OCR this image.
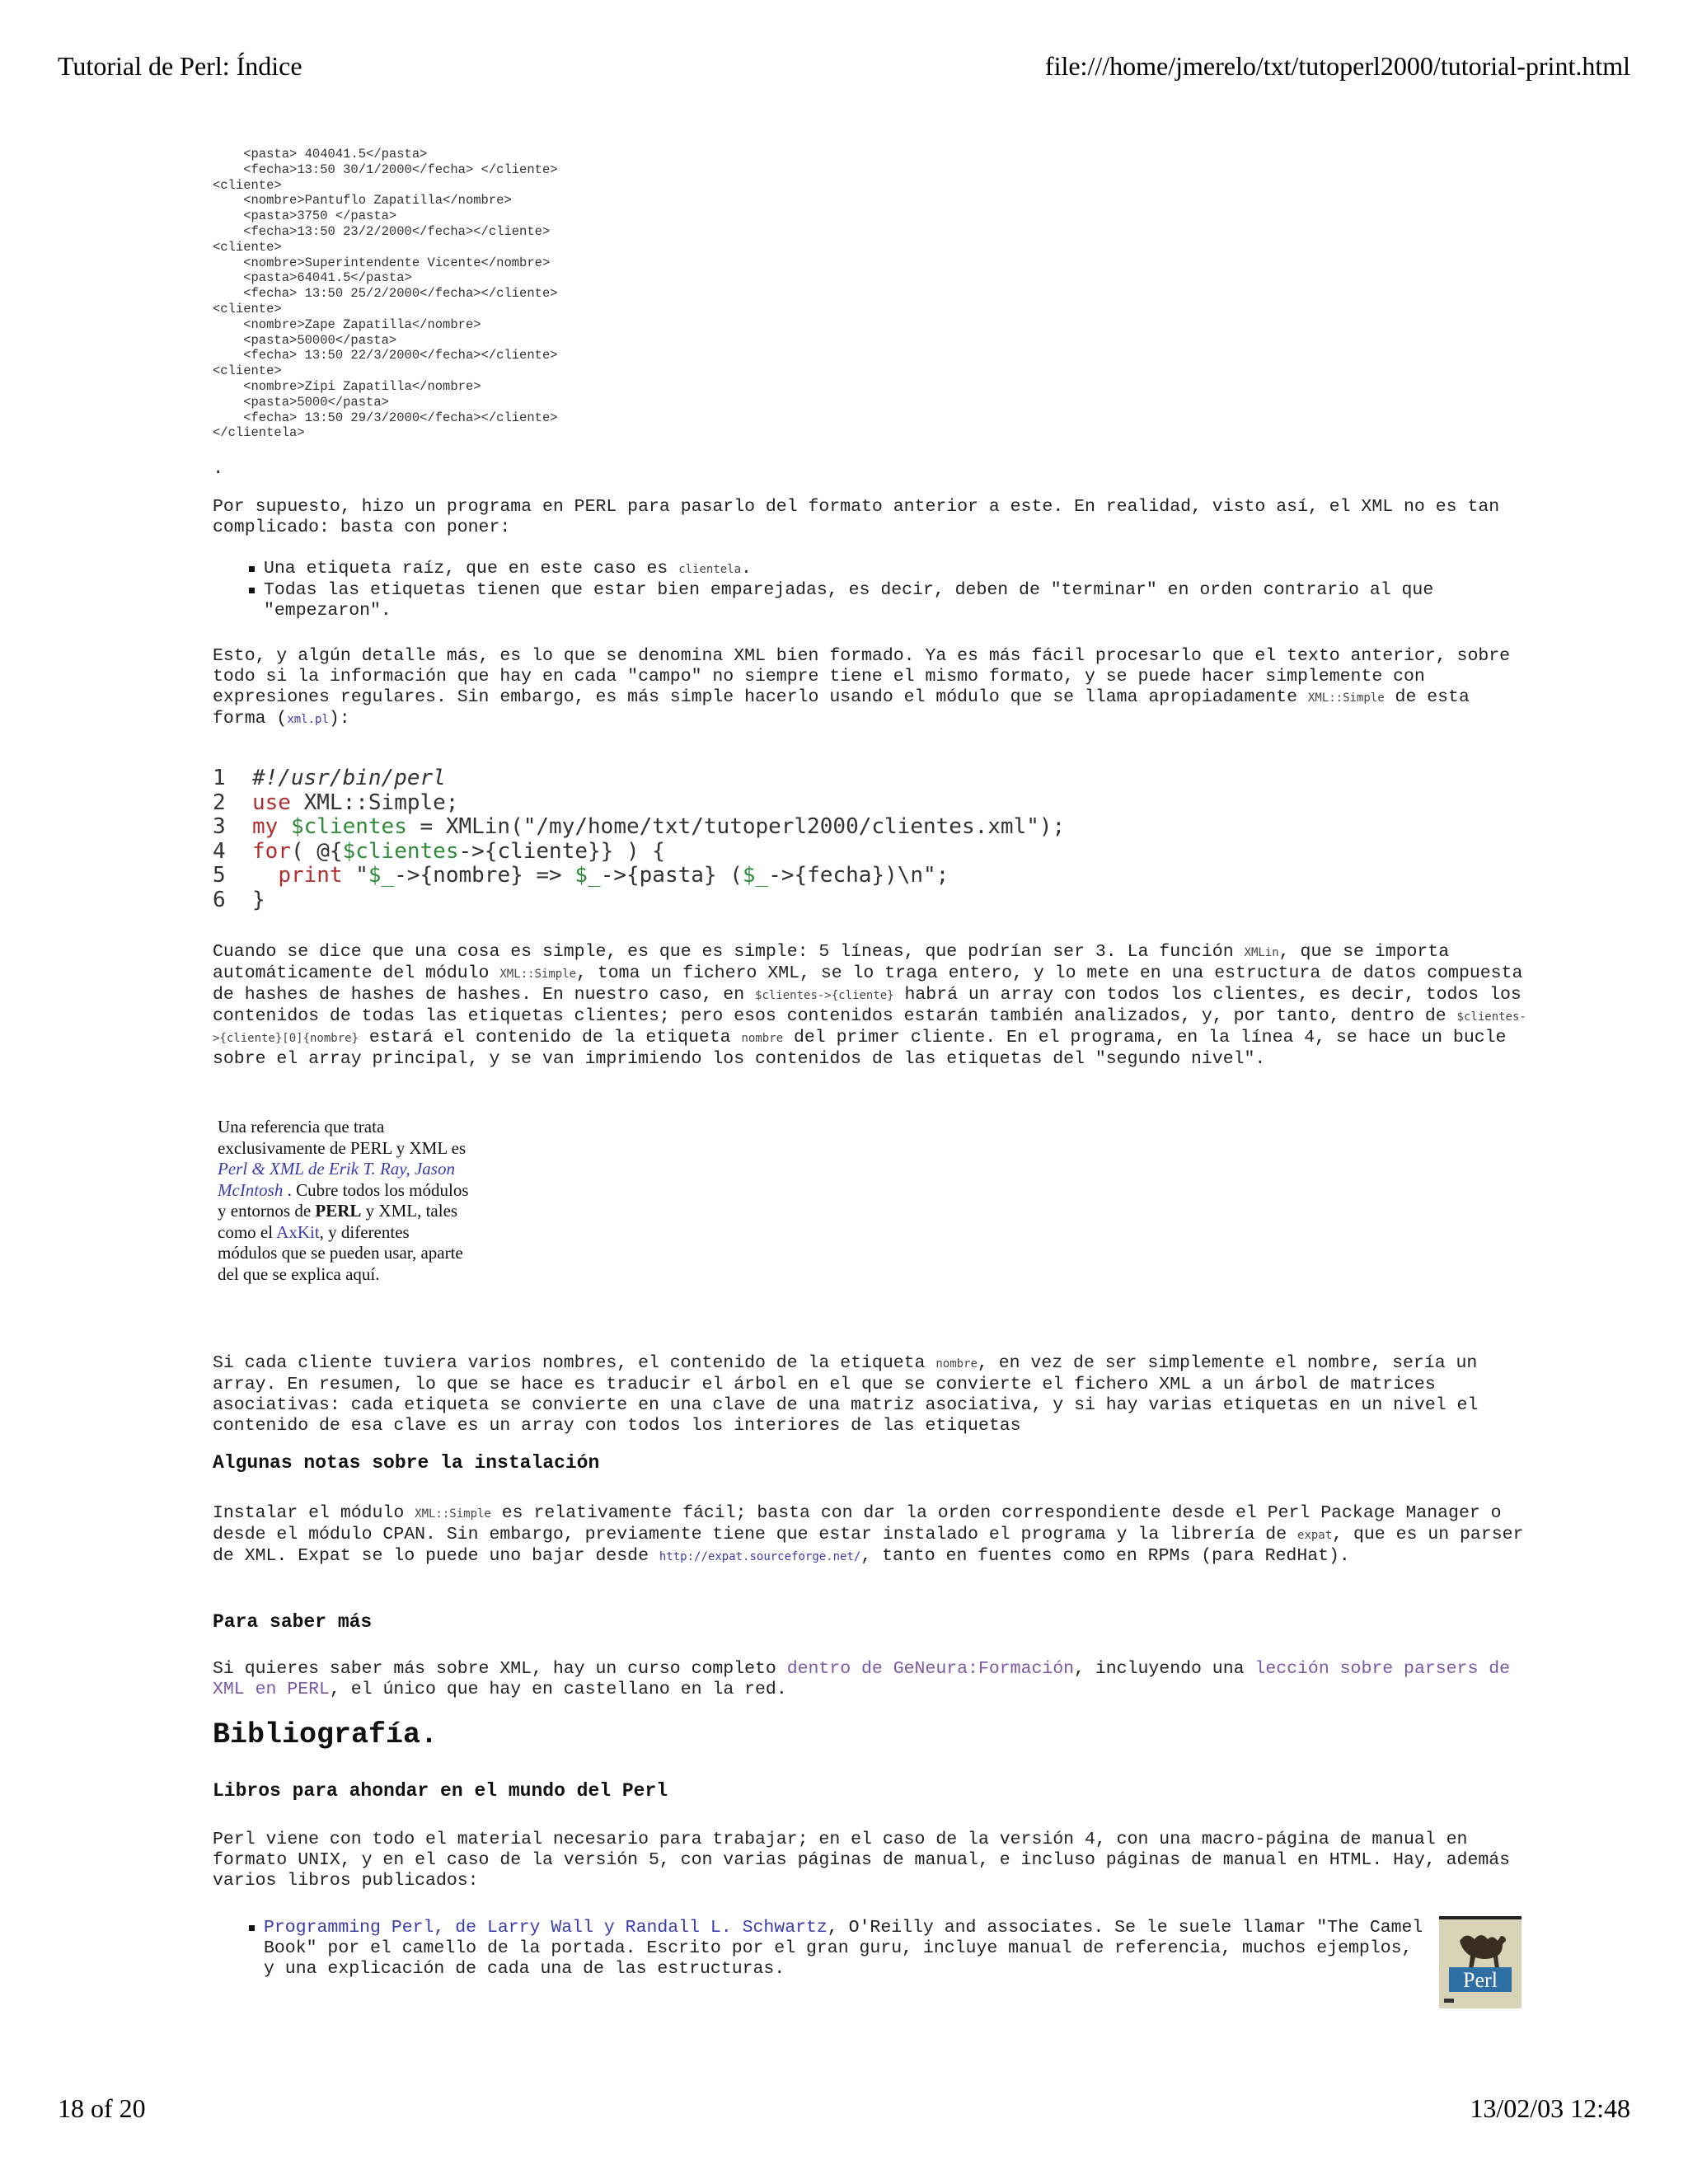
Tutorial de Perl: Índice	file:///home/jmerelo/txt/tutoperl2000/tutorial-print.html
<pasta> 404041.5</pasta>
<fecha>13:50 30/1/2000</fecha> </cliente>
<cliente>
<nombre>Pantuflo Zapatilla</nombre>
<pasta>3750 </pasta>
<fecha>13:50 23/2/2000</fecha></cliente>
<cliente>
<nombre>Superintendente Vicente</nombre>
<pasta>64041.5</pasta>
<fecha> 13:50 25/2/2000</fecha></cliente>
<cliente>
<nombre>Zape Zapatilla</nombre>
<pasta>50000</pasta>
<fecha> 13:50 22/3/2000</fecha></cliente>
<cliente>
<nombre>Zipi Zapatilla</nombre>
<pasta>5000</pasta>
<fecha> 13:50 29/3/2000</fecha></cliente>
</clientela>
.

Por supuesto, hizo un programa en PERL para pasarlo del formato anterior a este. En realidad, visto así, el XML no es tan complicado: basta con poner:

Una etiqueta raíz, que en este caso es clientela.
Todas las etiquetas tienen que estar bien emparejadas, es decir, deben de "terminar" en orden contrario al que "empezaron".

Esto, y algún detalle más, es lo que se denomina XML bien formado. Ya es más fácil procesarlo que el texto anterior, sobre todo si la información que hay en cada "campo" no siempre tiene el mismo formato, y se puede hacer simplemente con expresiones regulares. Sin embargo, es más simple hacerlo usando el módulo que se llama apropiadamente XML::Simple de esta forma (xml.pl):

1 #!/usr/bin/perl
2 use XML::Simple;
3 my $clientes = XMLin("/my/home/txt/tutoperl2000/clientes.xml");
4 for( @{$clientes->{cliente}} ) {
5 print "$_->{nombre} => $_->{pasta} ($_->{fecha})\n";
6 }

Cuando se dice que una cosa es simple, es que es simple: 5 líneas, que podrían ser 3. La función XMLin, que se importa automáticamente del módulo XML::Simple, toma un fichero XML, se lo traga entero, y lo mete en una estructura de datos compuesta de hashes de hashes de hashes. En nuestro caso, en $clientes->{cliente} habrá un array con todos los clientes, es decir, todos los contenidos de todas las etiquetas clientes; pero esos contenidos estarán también analizados, y, por tanto, dentro de $clientes->{cliente}[0]{nombre} estará el contenido de la etiqueta nombre del primer cliente. En el programa, en la línea 4, se hace un bucle sobre el array principal, y se van imprimiendo los contenidos de las etiquetas del "segundo nivel".

Una referencia que trata exclusivamente de PERL y XML es Perl & XML de Erik T. Ray, Jason McIntosh . Cubre todos los módulos y entornos de PERL y XML, tales como el AxKit, y diferentes módulos que se pueden usar, aparte del que se explica aquí.

Si cada cliente tuviera varios nombres, el contenido de la etiqueta nombre, en vez de ser simplemente el nombre, sería un array. En resumen, lo que se hace es traducir el árbol en el que se convierte el fichero XML a un árbol de matrices asociativas: cada etiqueta se convierte en una clave de una matriz asociativa, y si hay varias etiquetas en un nivel el contenido de esa clave es un array con todos los interiores de las etiquetas

Algunas notas sobre la instalación

Instalar el módulo XML::Simple es relativamente fácil; basta con dar la orden correspondiente desde el Perl Package Manager o desde el módulo CPAN. Sin embargo, previamente tiene que estar instalado el programa y la librería de expat, que es un parser de XML. Expat se lo puede uno bajar desde http://expat.sourceforge.net/, tanto en fuentes como en RPMs (para RedHat).

Para saber más

Si quieres saber más sobre XML, hay un curso completo dentro de GeNeura:Formación, incluyendo una lección sobre parsers de XML en PERL, el único que hay en castellano en la red.

Bibliografía.
Libros para ahondar en el mundo del Perl

Perl viene con todo el material necesario para trabajar; en el caso de la versión 4, con una macro-página de manual en formato UNIX, y en el caso de la versión 5, con varias páginas de manual, e incluso páginas de manual en HTML. Hay, además varios libros publicados:

Programming Perl, de Larry Wall y Randall L. Schwartz, O'Reilly and associates. Se le suele llamar "The Camel Book" por el camello de la portada. Escrito por el gran guru, incluye manual de referencia, muchos ejemplos, y una explicación de cada una de las estructuras.	Perl
18 of 20	13/02/03 12:48
